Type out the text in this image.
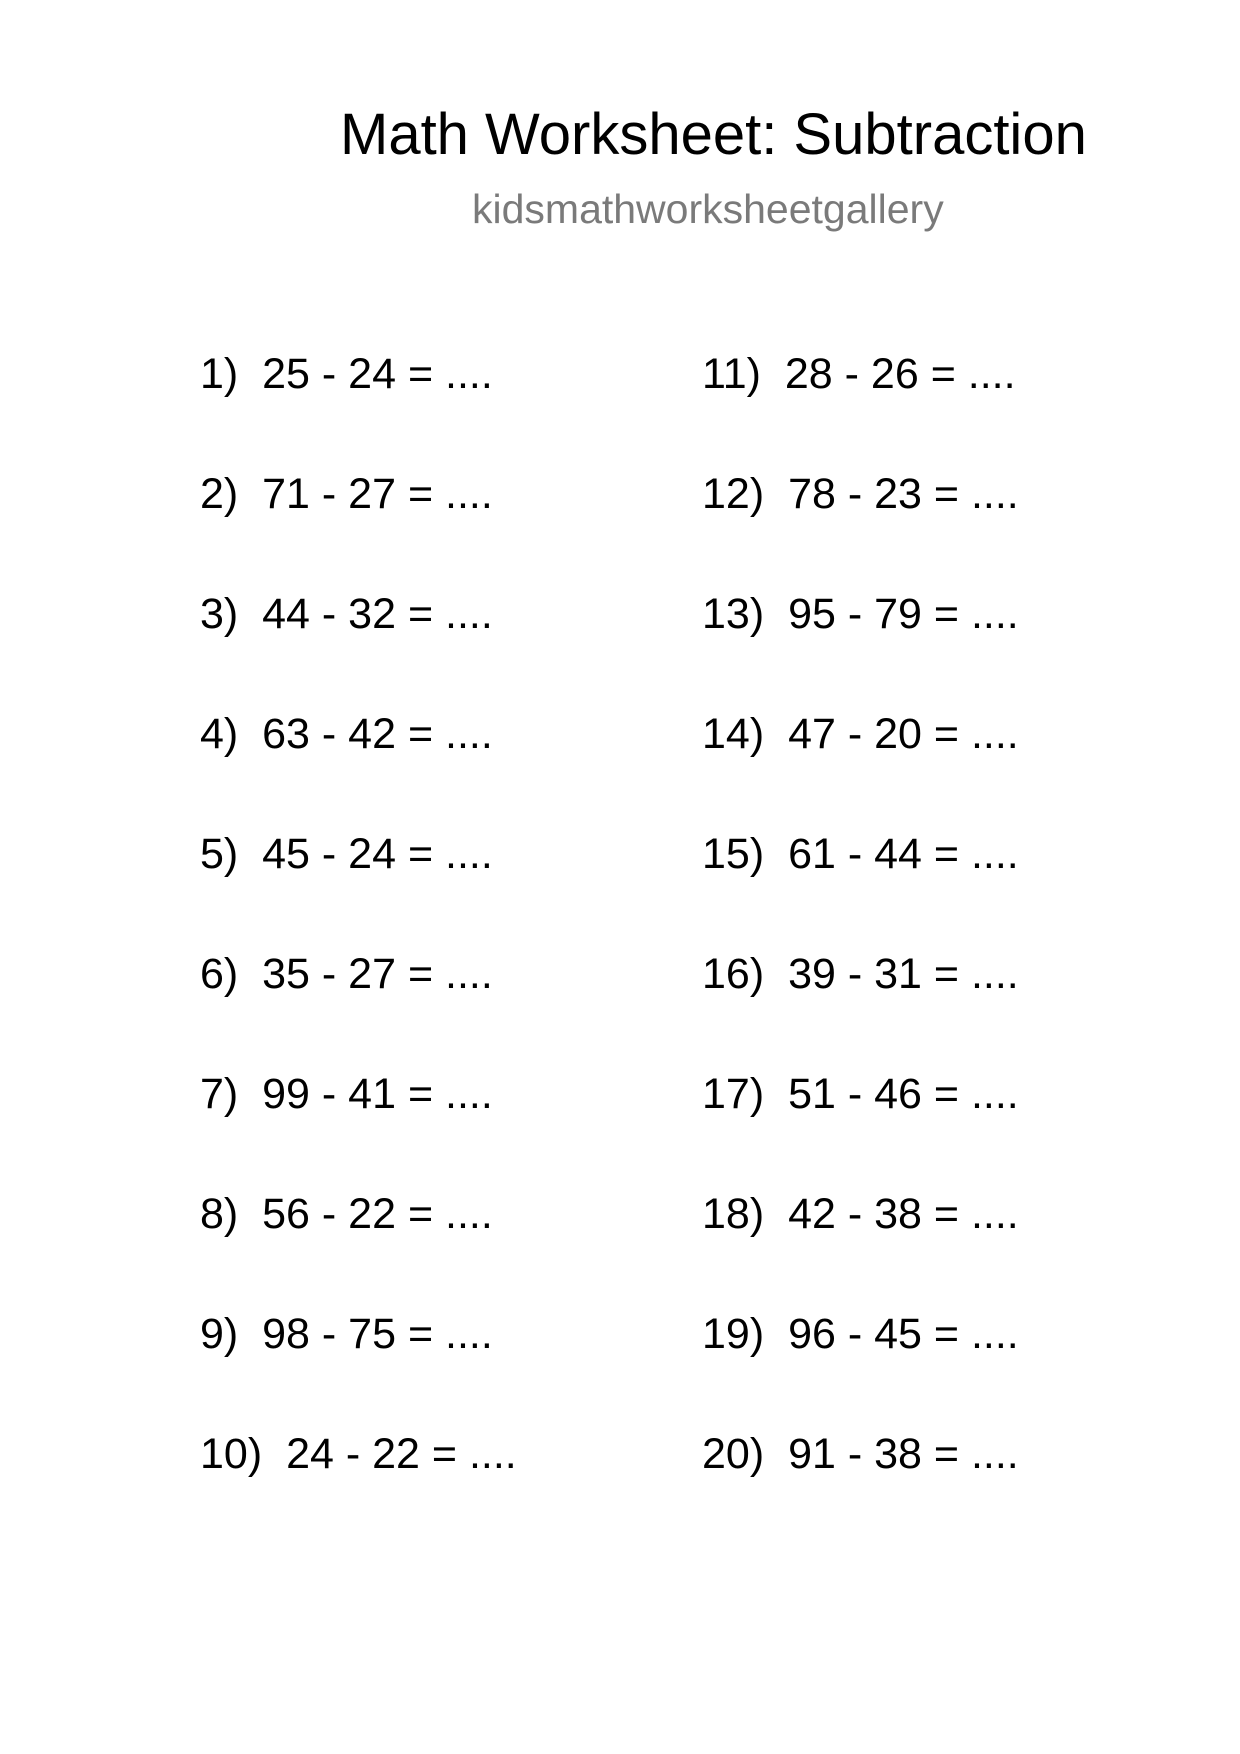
Math Worksheet: Subtraction
kidsmathworksheetgallery
1) 25 - 24 = ....
2) 71 - 27 = ....
3) 44 - 32 = ....
4) 63 - 42 = ....
5) 45 - 24 = ....
6) 35 - 27 = ....
7) 99 - 41 = ....
8) 56 - 22 = ....
9) 98 - 75 = ....
10) 24 - 22 = ....
11) 28 - 26 = ....
12) 78 - 23 = ....
13) 95 - 79 = ....
14) 47 - 20 = ....
15) 61 - 44 = ....
16) 39 - 31 = ....
17) 51 - 46 = ....
18) 42 - 38 = ....
19) 96 - 45 = ....
20) 91 - 38 = ....
